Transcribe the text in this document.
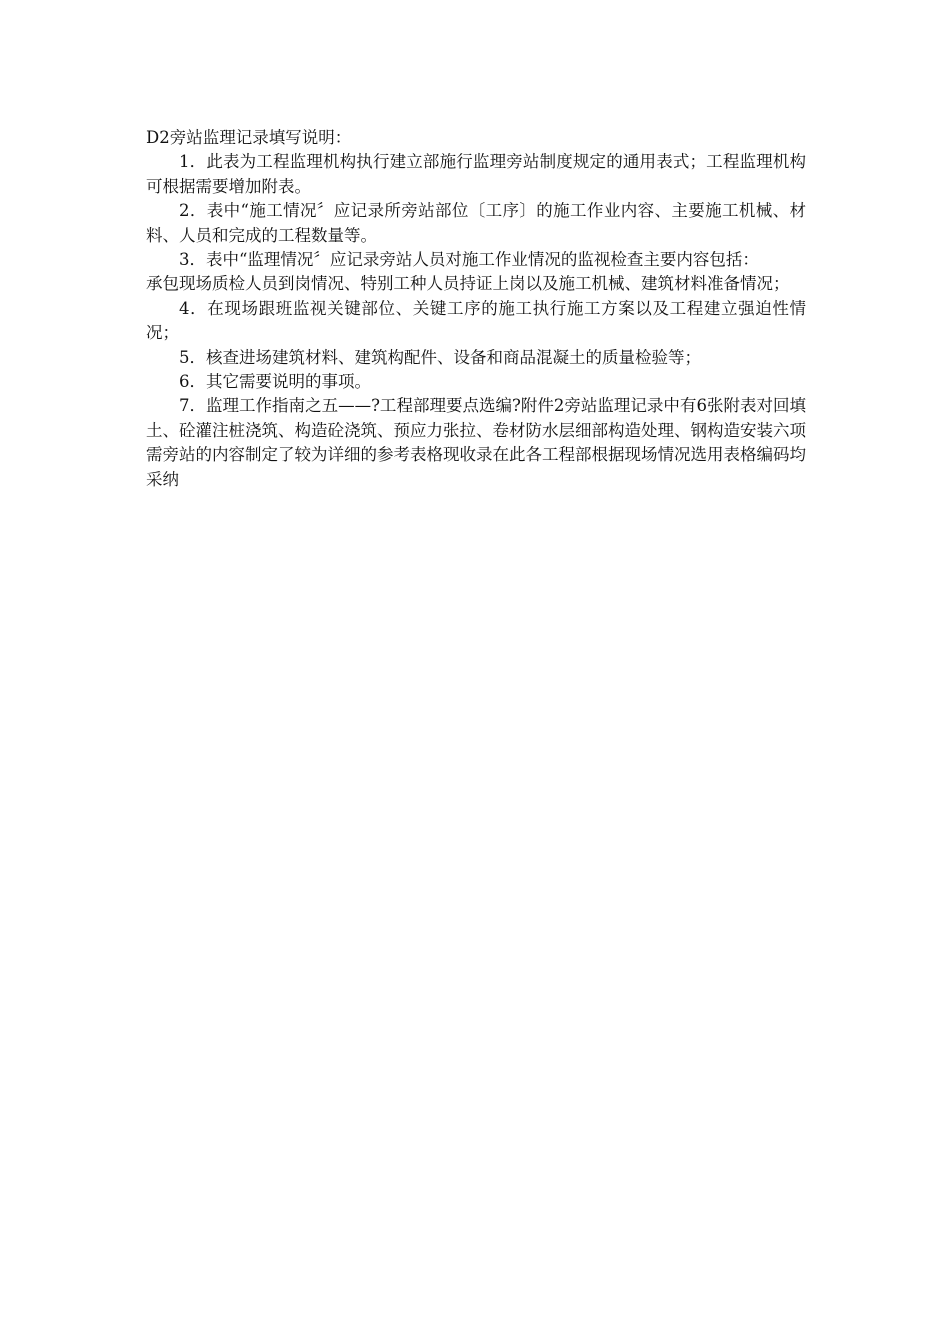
D2旁站监理记录填写说明：

1．此表为工程监理机构执行建立部施行监理旁站制度规定的通用表式；工程监理机构可根据需要增加附表。

2．表中“施工情况〞应记录所旁站部位〔工序〕的施工作业内容、主要施工机械、材料、人员和完成的工程数量等。

3．表中“监理情况〞应记录旁站人员对施工作业情况的监视检查主要内容包括：

承包现场质检人员到岗情况、特别工种人员持证上岗以及施工机械、建筑材料准备情况；

4．在现场跟班监视关键部位、关键工序的施工执行施工方案以及工程建立强迫性情况；

5．核查进场建筑材料、建筑构配件、设备和商品混凝土的质量检验等；

6．其它需要说明的事项。

7．监理工作指南之五——?工程部理要点选编?附件2旁站监理记录中有6张附表对回填土、砼灌注桩浇筑、构造砼浇筑、预应力张拉、卷材防水层细部构造处理、钢构造安装六项需旁站的内容制定了较为详细的参考表格现收录在此各工程部根据现场情况选用表格编码均采纳
